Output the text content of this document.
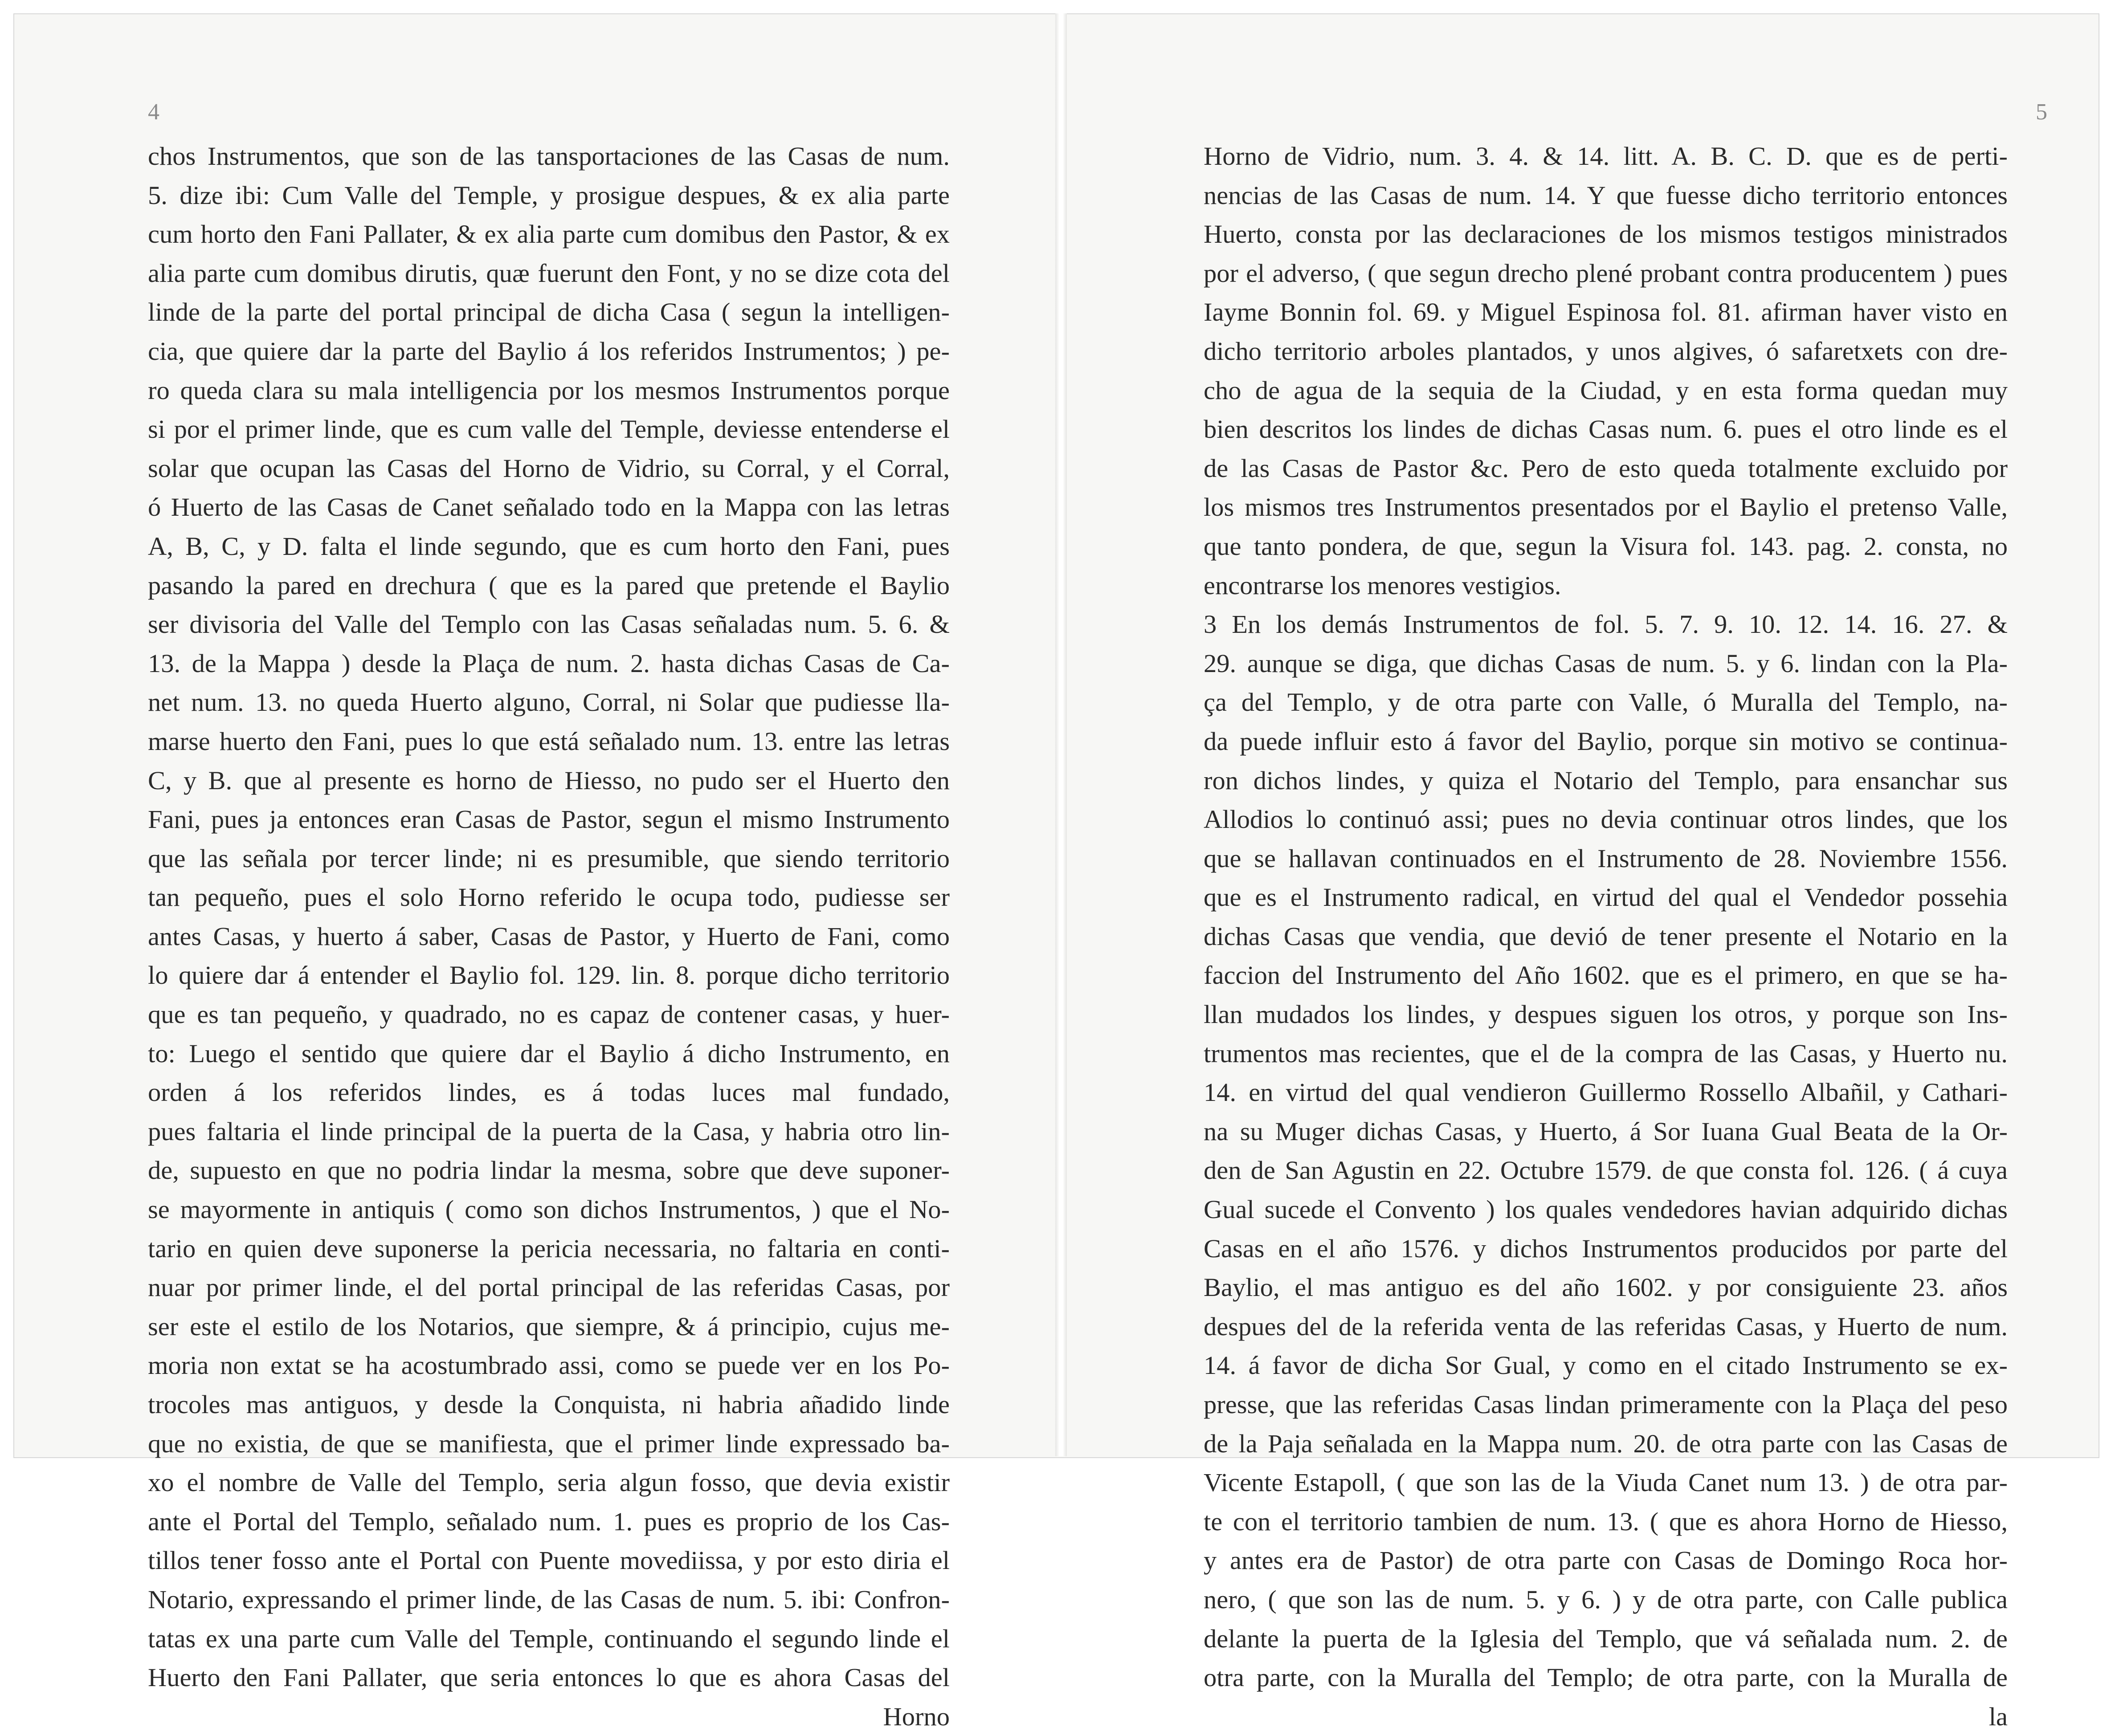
4
chos Instrumentos, que son de las tansportaciones de las Casas de num.
5. dize ibi: Cum Valle del Temple, y prosigue despues, & ex alia parte
cum horto den Fani Pallater, & ex alia parte cum domibus den Pastor, & ex
alia parte cum domibus dirutis, quæ fuerunt den Font, y no se dize cota del
linde de la parte del portal principal de dicha Casa ( segun la intelligen-
cia, que quiere dar la parte del Baylio á los referidos Instrumentos; ) pe-
ro queda clara su mala intelligencia por los mesmos Instrumentos porque
si por el primer linde, que es cum valle del Temple, deviesse entenderse el
solar que ocupan las Casas del Horno de Vidrio, su Corral, y el Corral,
ó Huerto de las Casas de Canet señalado todo en la Mappa con las letras
A, B, C, y D. falta el linde segundo, que es cum horto den Fani, pues
pasando la pared en drechura ( que es la pared que pretende el Baylio
ser divisoria del Valle del Templo con las Casas señaladas num. 5. 6. &
13. de la Mappa ) desde la Plaça de num. 2. hasta dichas Casas de Ca-
net num. 13. no queda Huerto alguno, Corral, ni Solar que pudiesse lla-
marse huerto den Fani, pues lo que está señalado num. 13. entre las letras
C, y B. que al presente es horno de Hiesso, no pudo ser el Huerto den
Fani, pues ja entonces eran Casas de Pastor, segun el mismo Instrumento
que las señala por tercer linde; ni es presumible, que siendo territorio
tan pequeño, pues el solo Horno referido le ocupa todo, pudiesse ser
antes Casas, y huerto á saber, Casas de Pastor, y Huerto de Fani, como
lo quiere dar á entender el Baylio fol. 129. lin. 8. porque dicho territorio
que es tan pequeño, y quadrado, no es capaz de contener casas, y huer-
to: Luego el sentido que quiere dar el Baylio á dicho Instrumento, en
orden á los referidos lindes, es á todas luces mal fundado,
pues faltaria el linde principal de la puerta de la Casa, y habria otro lin-
de, supuesto en que no podria lindar la mesma, sobre que deve suponer-
se mayormente in antiquis ( como son dichos Instrumentos, ) que el No-
tario en quien deve suponerse la pericia necessaria, no faltaria en conti-
nuar por primer linde, el del portal principal de las referidas Casas, por
ser este el estilo de los Notarios, que siempre, & á principio, cujus me-
moria non extat se ha acostumbrado assi, como se puede ver en los Po-
trocoles mas antiguos, y desde la Conquista, ni habria añadido linde
que no existia, de que se manifiesta, que el primer linde expressado ba-
xo el nombre de Valle del Templo, seria algun fosso, que devia existir
ante el Portal del Templo, señalado num. 1. pues es proprio de los Cas-
tillos tener fosso ante el Portal con Puente movediissa, y por esto diria el
Notario, expressando el primer linde, de las Casas de num. 5. ibi: Confron-
tatas ex una parte cum Valle del Temple, continuando el segundo linde el
Huerto den Fani Pallater, que seria entonces lo que es ahora Casas del
Horno
5
Horno de Vidrio, num. 3. 4. & 14. litt. A. B. C. D. que es de perti-
nencias de las Casas de num. 14. Y que fuesse dicho territorio entonces
Huerto, consta por las declaraciones de los mismos testigos ministrados
por el adverso, ( que segun drecho plené probant contra producentem ) pues
Iayme Bonnin fol. 69. y Miguel Espinosa fol. 81. afirman haver visto en
dicho territorio arboles plantados, y unos algives, ó safaretxets con dre-
cho de agua de la sequia de la Ciudad, y en esta forma quedan muy
bien descritos los lindes de dichas Casas num. 6. pues el otro linde es el
de las Casas de Pastor &c. Pero de esto queda totalmente excluido por
los mismos tres Instrumentos presentados por el Baylio el pretenso Valle,
que tanto pondera, de que, segun la Visura fol. 143. pag. 2. consta, no
encontrarse los menores vestigios.
3 En los demás Instrumentos de fol. 5. 7. 9. 10. 12. 14. 16. 27. &
29. aunque se diga, que dichas Casas de num. 5. y 6. lindan con la Pla-
ça del Templo, y de otra parte con Valle, ó Muralla del Templo, na-
da puede influir esto á favor del Baylio, porque sin motivo se continua-
ron dichos lindes, y quiza el Notario del Templo, para ensanchar sus
Allodios lo continuó assi; pues no devia continuar otros lindes, que los
que se hallavan continuados en el Instrumento de 28. Noviembre 1556.
que es el Instrumento radical, en virtud del qual el Vendedor possehia
dichas Casas que vendia, que devió de tener presente el Notario en la
faccion del Instrumento del Año 1602. que es el primero, en que se ha-
llan mudados los lindes, y despues siguen los otros, y porque son Ins-
trumentos mas recientes, que el de la compra de las Casas, y Huerto nu.
14. en virtud del qual vendieron Guillermo Rossello Albañil, y Cathari-
na su Muger dichas Casas, y Huerto, á Sor Iuana Gual Beata de la Or-
den de San Agustin en 22. Octubre 1579. de que consta fol. 126. ( á cuya
Gual sucede el Convento ) los quales vendedores havian adquirido dichas
Casas en el año 1576. y dichos Instrumentos producidos por parte del
Baylio, el mas antiguo es del año 1602. y por consiguiente 23. años
despues del de la referida venta de las referidas Casas, y Huerto de num.
14. á favor de dicha Sor Gual, y como en el citado Instrumento se ex-
presse, que las referidas Casas lindan primeramente con la Plaça del peso
de la Paja señalada en la Mappa num. 20. de otra parte con las Casas de
Vicente Estapoll, ( que son las de la Viuda Canet num 13. ) de otra par-
te con el territorio tambien de num. 13. ( que es ahora Horno de Hiesso,
y antes era de Pastor) de otra parte con Casas de Domingo Roca hor-
nero, ( que son las de num. 5. y 6. ) y de otra parte, con Calle publica
delante la puerta de la Iglesia del Templo, que vá señalada num. 2. de
otra parte, con la Muralla del Templo; de otra parte, con la Muralla de
la
